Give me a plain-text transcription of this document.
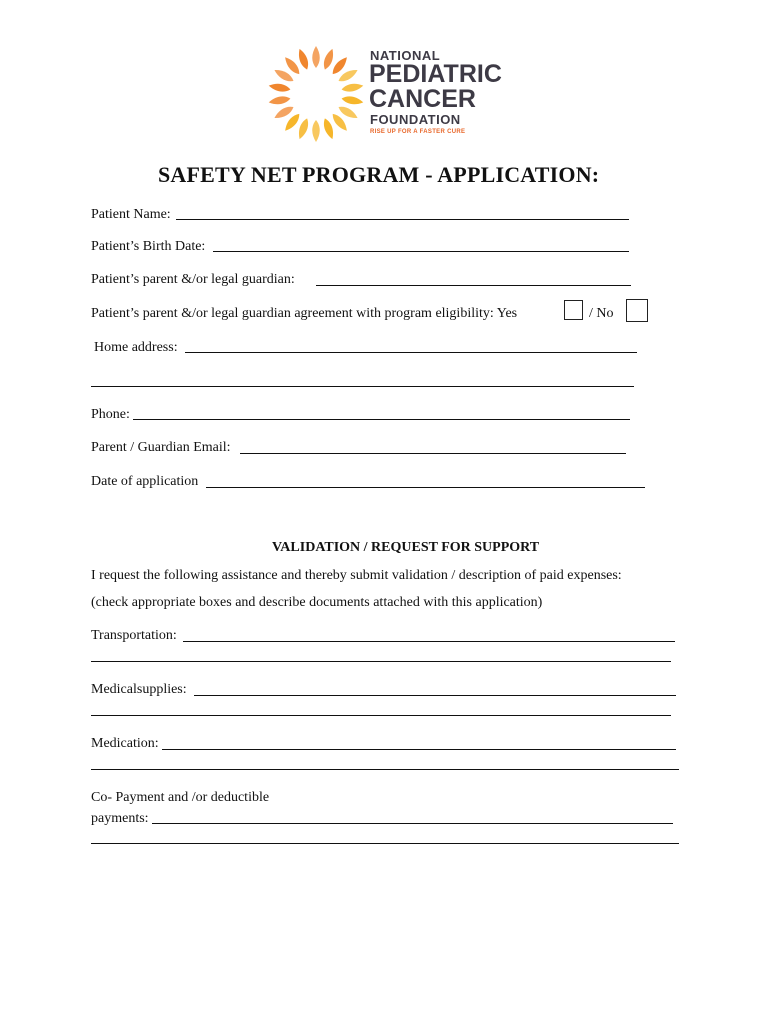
NATIONAL
PEDIATRIC
CANCER
FOUNDATION
RISE UP FOR A FASTER CURE
SAFETY NET PROGRAM - APPLICATION:
Patient Name:
Patient’s Birth Date:
Patient’s parent &/or legal guardian:
Patient’s parent &/or legal guardian agreement with program eligibility: Yes	/ No
Home address:
Phone:
Parent / Guardian Email:
Date of application
VALIDATION / REQUEST FOR SUPPORT
I request the following assistance and thereby submit validation / description of paid expenses:
(check appropriate boxes and describe documents attached with this application)
Transportation:
Medicalsupplies:
Medication:
Co- Payment and /or deductible
payments:
